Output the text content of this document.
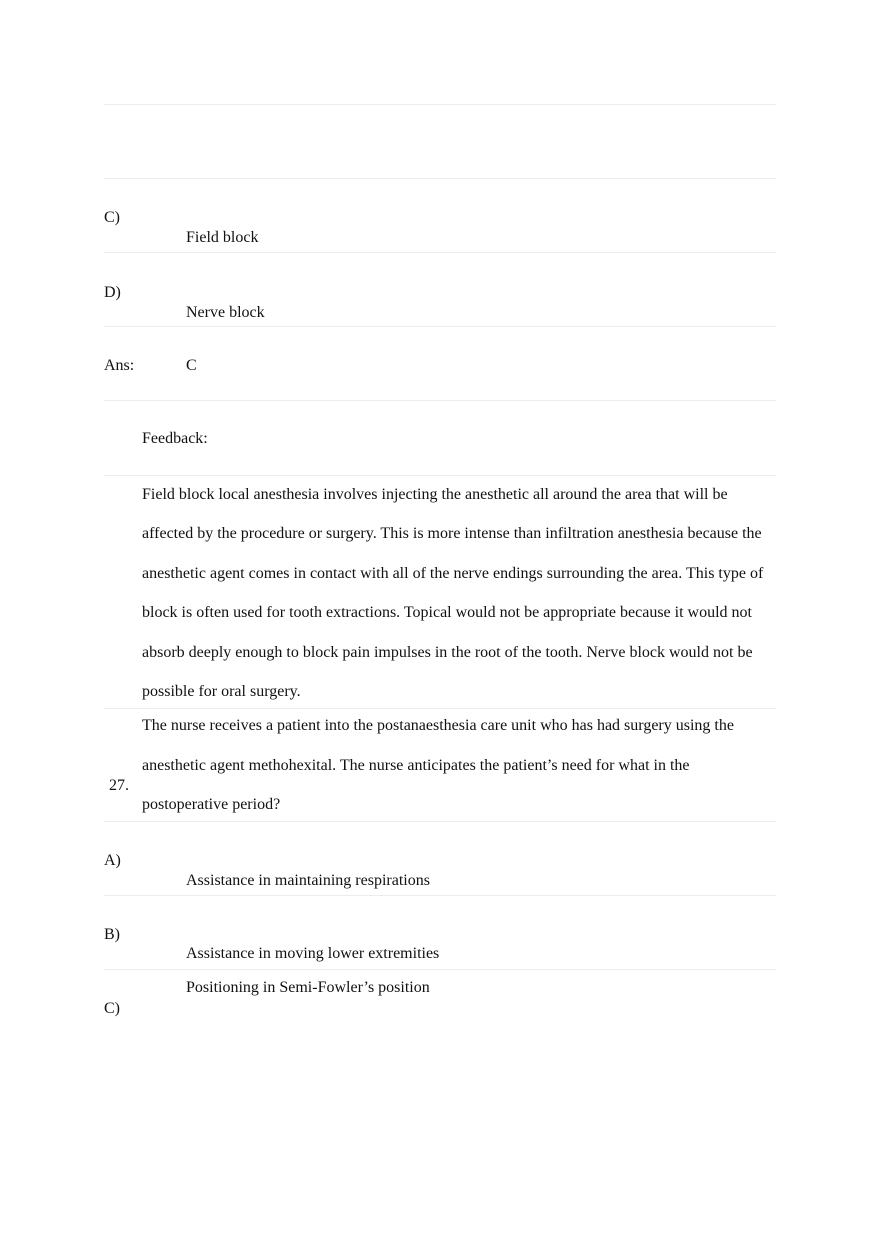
C)
Field block
D)
Nerve block
Ans:	C
Feedback:
Field block local anesthesia involves injecting the anesthetic all around the area that will be affected by the procedure or surgery. This is more intense than infiltration anesthesia because the anesthetic agent comes in contact with all of the nerve endings surrounding the area. This type of block is often used for tooth extractions. Topical would not be appropriate because it would not absorb deeply enough to block pain impulses in the root of the tooth. Nerve block would not be possible for oral surgery.
27.
The nurse receives a patient into the postanaesthesia care unit who has had surgery using the anesthetic agent methohexital. The nurse anticipates the patient’s need for what in the postoperative period?
A)
Assistance in maintaining respirations
B)
Assistance in moving lower extremities
Positioning in Semi-Fowler’s position
C)
